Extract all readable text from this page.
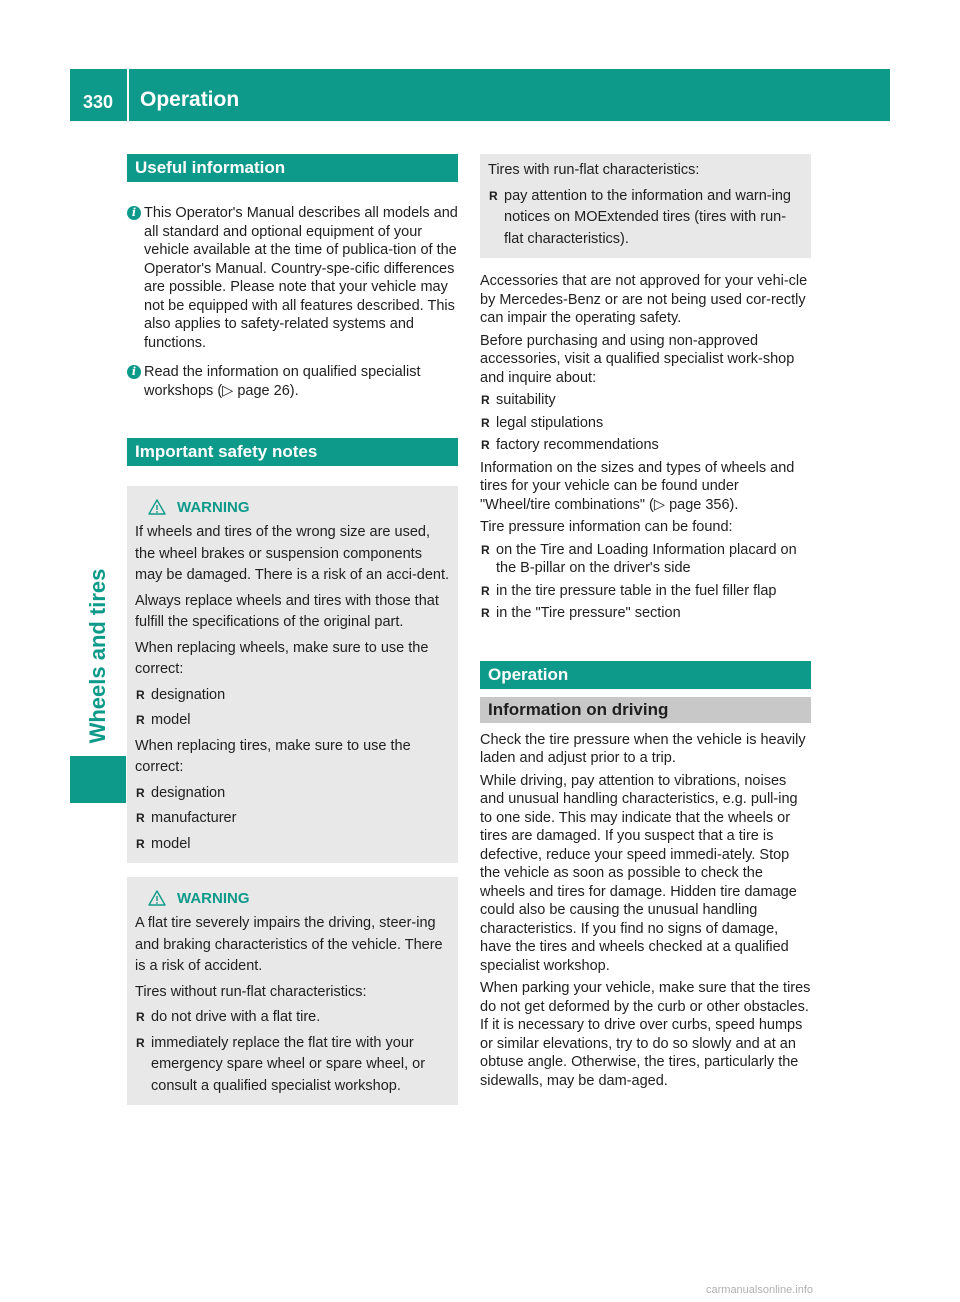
330 Operation
Wheels and tires
Useful information
i This Operator's Manual describes all models and all standard and optional equipment of your vehicle available at the time of publica-tion of the Operator's Manual. Country-spe-cific differences are possible. Please note that your vehicle may not be equipped with all features described. This also applies to safety-related systems and functions.

i Read the information on qualified specialist workshops (▷ page 26).

Important safety notes
WARNING

If wheels and tires of the wrong size are used, the wheel brakes or suspension components may be damaged. There is a risk of an acci-dent.

Always replace wheels and tires with those that fulfill the specifications of the original part.

When replacing wheels, make sure to use the correct:

R designation
R model

When replacing tires, make sure to use the correct:

R designation
R manufacturer
R model
WARNING

A flat tire severely impairs the driving, steer-ing and braking characteristics of the vehicle. There is a risk of accident.

Tires without run-flat characteristics:

R do not drive with a flat tire.
R immediately replace the flat tire with your emergency spare wheel or spare wheel, or consult a qualified specialist workshop.

Tires with run-flat characteristics:

R pay attention to the information and warn-ing notices on MOExtended tires (tires with run-flat characteristics).

Accessories that are not approved for your vehi-cle by Mercedes-Benz or are not being used cor-rectly can impair the operating safety.

Before purchasing and using non-approved accessories, visit a qualified specialist work-shop and inquire about:

R suitability
R legal stipulations
R factory recommendations

Information on the sizes and types of wheels and tires for your vehicle can be found under "Wheel/tire combinations" (▷ page 356).

Tire pressure information can be found:

R on the Tire and Loading Information placard on the B-pillar on the driver's side
R in the tire pressure table in the fuel filler flap
R in the "Tire pressure" section
Operation
Information on driving

Check the tire pressure when the vehicle is heavily laden and adjust prior to a trip.

While driving, pay attention to vibrations, noises and unusual handling characteristics, e.g. pull-ing to one side. This may indicate that the wheels or tires are damaged. If you suspect that a tire is defective, reduce your speed immedi-ately. Stop the vehicle as soon as possible to check the wheels and tires for damage. Hidden tire damage could also be causing the unusual handling characteristics. If you find no signs of damage, have the tires and wheels checked at a qualified specialist workshop.

When parking your vehicle, make sure that the tires do not get deformed by the curb or other obstacles. If it is necessary to drive over curbs, speed humps or similar elevations, try to do so slowly and at an obtuse angle. Otherwise, the tires, particularly the sidewalls, may be dam-aged.

carmanualsonline.info
